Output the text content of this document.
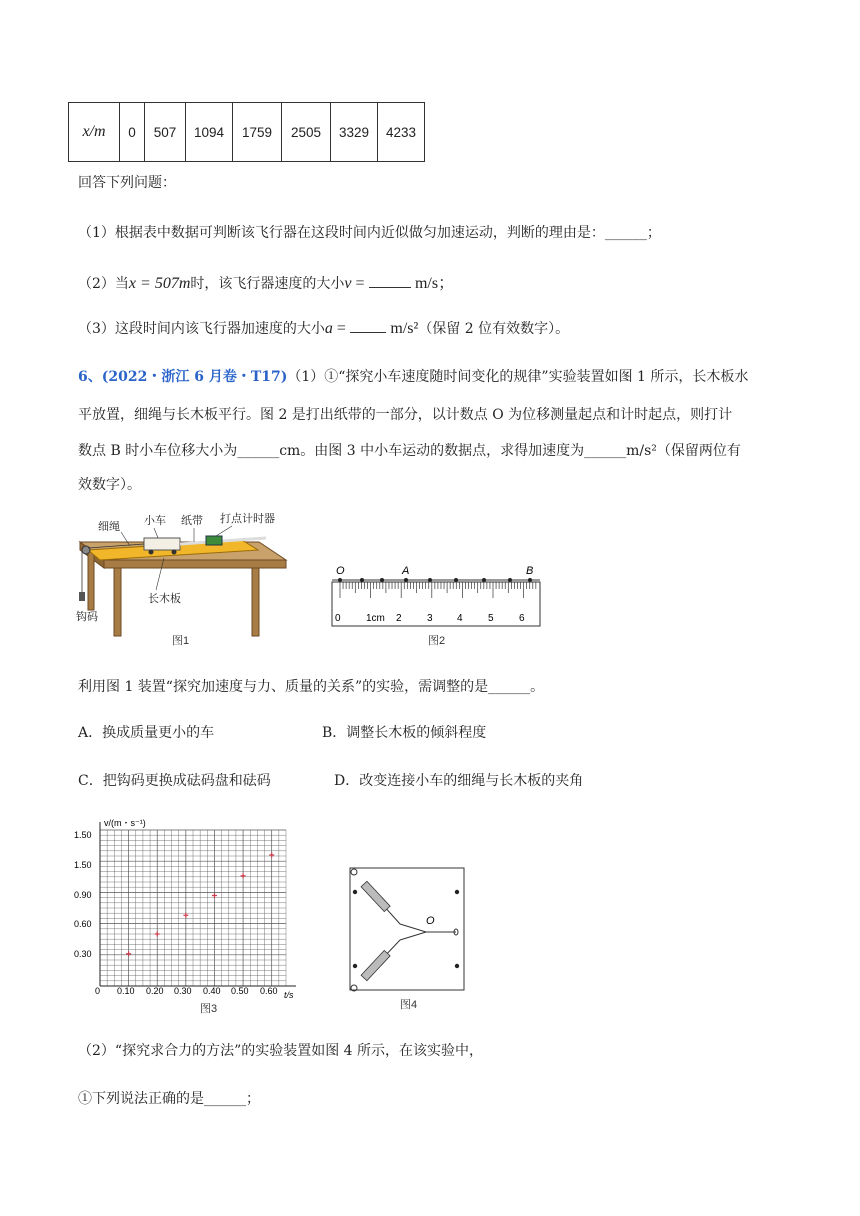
x/m	0	507	1094	1759	2505	3329	4233
回答下列问题：
（1）根据表中数据可判断该飞行器在这段时间内近似做匀加速运动，判断的理由是：______；
（2）当x = 507m时，该飞行器速度的大小v =	m/s；
（3）这段时间内该飞行器加速度的大小a =	m/s²（保留 2 位有效数字）。
6、(2022・浙江 6 月卷・T17)（1）①“探究小车速度随时间变化的规律”实验装置如图 1 所示，长木板水
平放置，细绳与长木板平行。图 2 是打出纸带的一部分，以计数点 O 为位移测量起点和计时起点，则打计
数点 B 时小车位移大小为______cm。由图 3 中小车运动的数据点，求得加速度为______m/s²（保留两位有
效数字）。
细绳 小车 纸带 打点计时器
长木板
钩码
图1
O	A	B
0	1cm 2	3 4	5	6
图2
利用图 1 装置“探究加速度与力、质量的关系”的实验，需调整的是______。
A．换成质量更小的车	B．调整长木板的倾斜程度
C．把钩码更换成砝码盘和砝码	D．改变连接小车的细绳与长木板的夹角
v/(m・s⁻¹)
t/s
1.50
1.50
0.90
0.60
0.30
0 0.10 0.20 0.30 0.40 0.50 0.60
图3
O
图4
（2）“探究求合力的方法”的实验装置如图 4 所示，在该实验中，
①下列说法正确的是______；
